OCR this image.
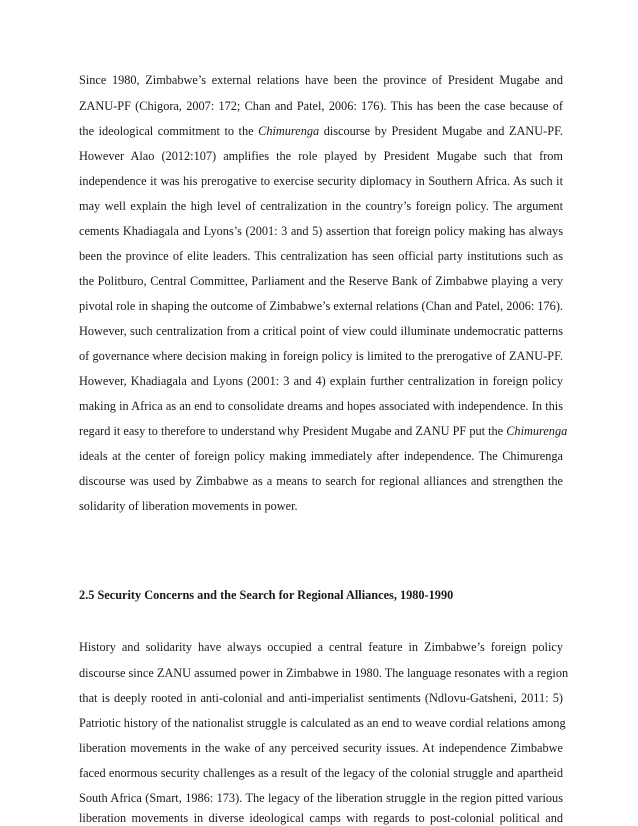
Since 1980, Zimbabwe’s external relations have been the province of President Mugabe and
ZANU-PF (Chigora, 2007: 172; Chan and Patel, 2006: 176). This has been the case because of
the ideological commitment to the Chimurenga discourse by President Mugabe and ZANU-PF.
However Alao (2012:107) amplifies the role played by President Mugabe such that from
independence it was his prerogative to exercise security diplomacy in Southern Africa. As such it
may well explain the high level of centralization in the country’s foreign policy. The argument
cements Khadiagala and Lyons’s (2001: 3 and 5) assertion that foreign policy making has always
been the province of elite leaders. This centralization has seen official party institutions such as
the Politburo, Central Committee, Parliament and the Reserve Bank of Zimbabwe playing a very
pivotal role in shaping the outcome of Zimbabwe’s external relations (Chan and Patel, 2006: 176).
However, such centralization from a critical point of view could illuminate undemocratic patterns
of governance where decision making in foreign policy is limited to the prerogative of ZANU-PF.
However, Khadiagala and Lyons (2001: 3 and 4) explain further centralization in foreign policy
making in Africa as an end to consolidate dreams and hopes associated with independence. In this
regard it easy to therefore to understand why President Mugabe and ZANU PF put the Chimurenga
ideals at the center of foreign policy making immediately after independence. The Chimurenga
discourse was used by Zimbabwe as a means to search for regional alliances and strengthen the
solidarity of liberation movements in power.
2.5 Security Concerns and the Search for Regional Alliances, 1980-1990
History and solidarity have always occupied a central feature in Zimbabwe’s foreign policy
discourse since ZANU assumed power in Zimbabwe in 1980. The language resonates with a region
that is deeply rooted in anti-colonial and anti-imperialist sentiments (Ndlovu-Gatsheni, 2011: 5)
Patriotic history of the nationalist struggle is calculated as an end to weave cordial relations among
liberation movements in the wake of any perceived security issues. At independence Zimbabwe
faced enormous security challenges as a result of the legacy of the colonial struggle and apartheid
South Africa (Smart, 1986: 173). The legacy of the liberation struggle in the region pitted various
liberation movements in diverse ideological camps with regards to post-colonial political and
